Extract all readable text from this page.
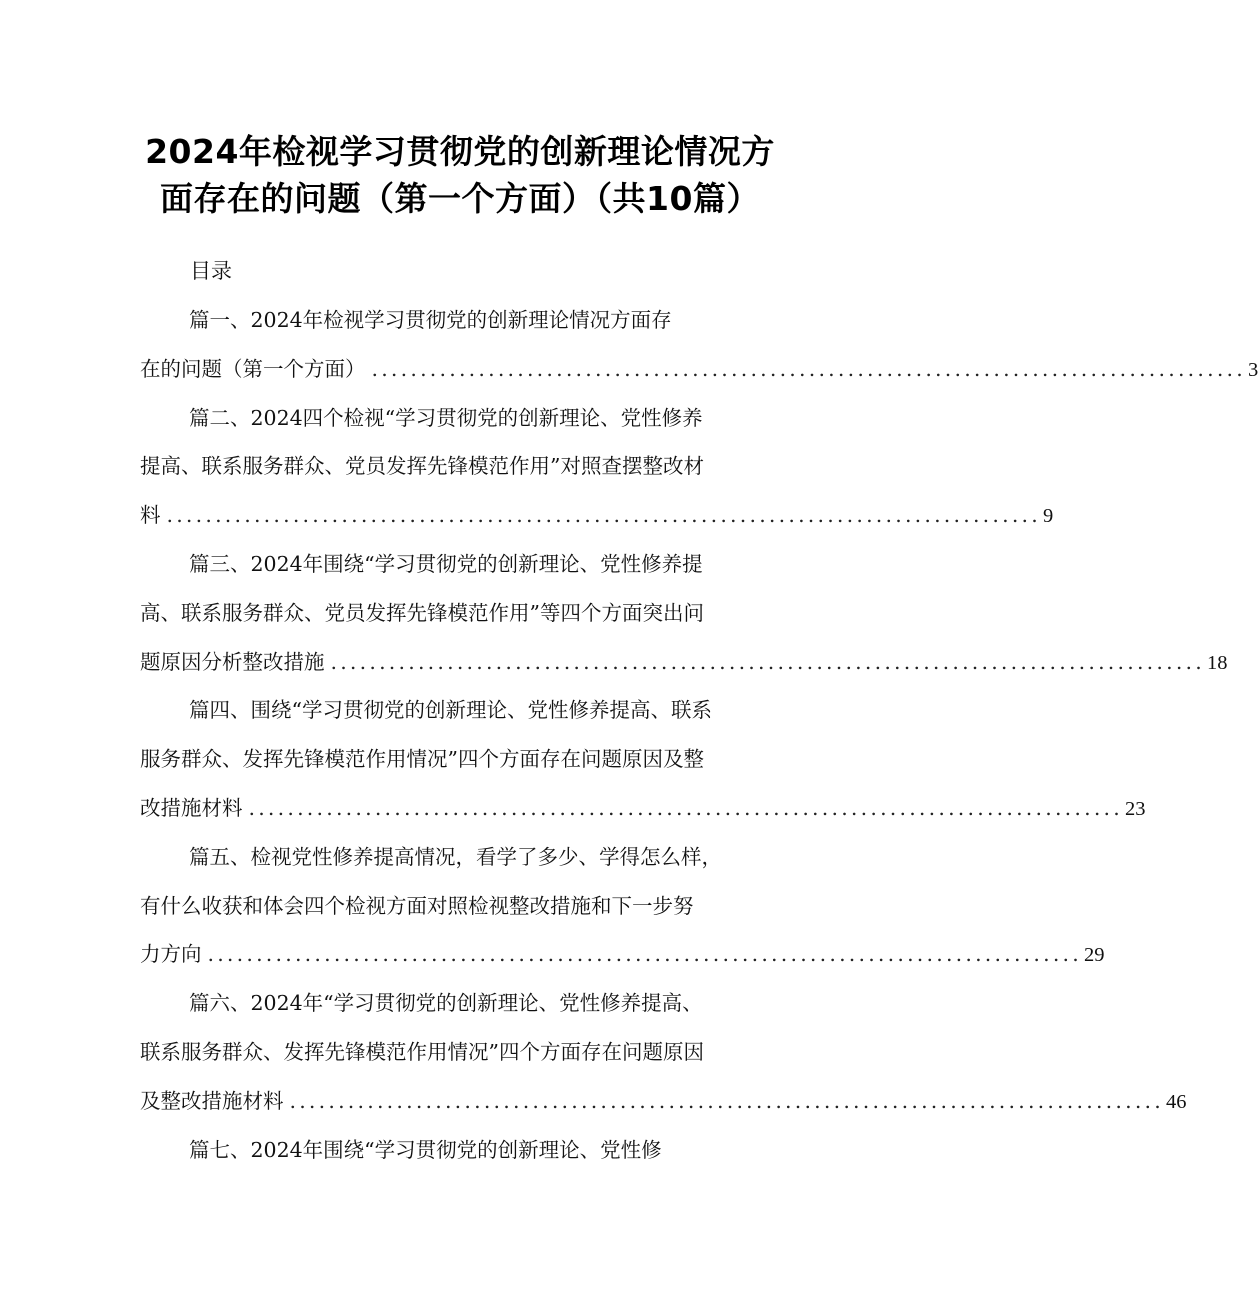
2024年检视学习贯彻党的创新理论情况方
面存在的问题（第一个方面）（共10篇）
目录
篇一、2024年检视学习贯彻党的创新理论情况方面存
在的问题（第一个方面） .......................................................................................... 3
篇二、2024四个检视“学习贯彻党的创新理论、党性修养
提高、联系服务群众、党员发挥先锋模范作用”对照查摆整改材
料 .......................................................................................... 9
篇三、2024年围绕“学习贯彻党的创新理论、党性修养提
高、联系服务群众、党员发挥先锋模范作用”等四个方面突出问
题原因分析整改措施 .......................................................................................... 18
篇四、围绕“学习贯彻党的创新理论、党性修养提高、联系
服务群众、发挥先锋模范作用情况”四个方面存在问题原因及整
改措施材料 .......................................................................................... 23
篇五、检视党性修养提高情况，看学了多少、学得怎么样，
有什么收获和体会四个检视方面对照检视整改措施和下一步努
力方向 .......................................................................................... 29
篇六、2024年“学习贯彻党的创新理论、党性修养提高、
联系服务群众、发挥先锋模范作用情况”四个方面存在问题原因
及整改措施材料 .......................................................................................... 46
篇七、2024年围绕“学习贯彻党的创新理论、党性修
